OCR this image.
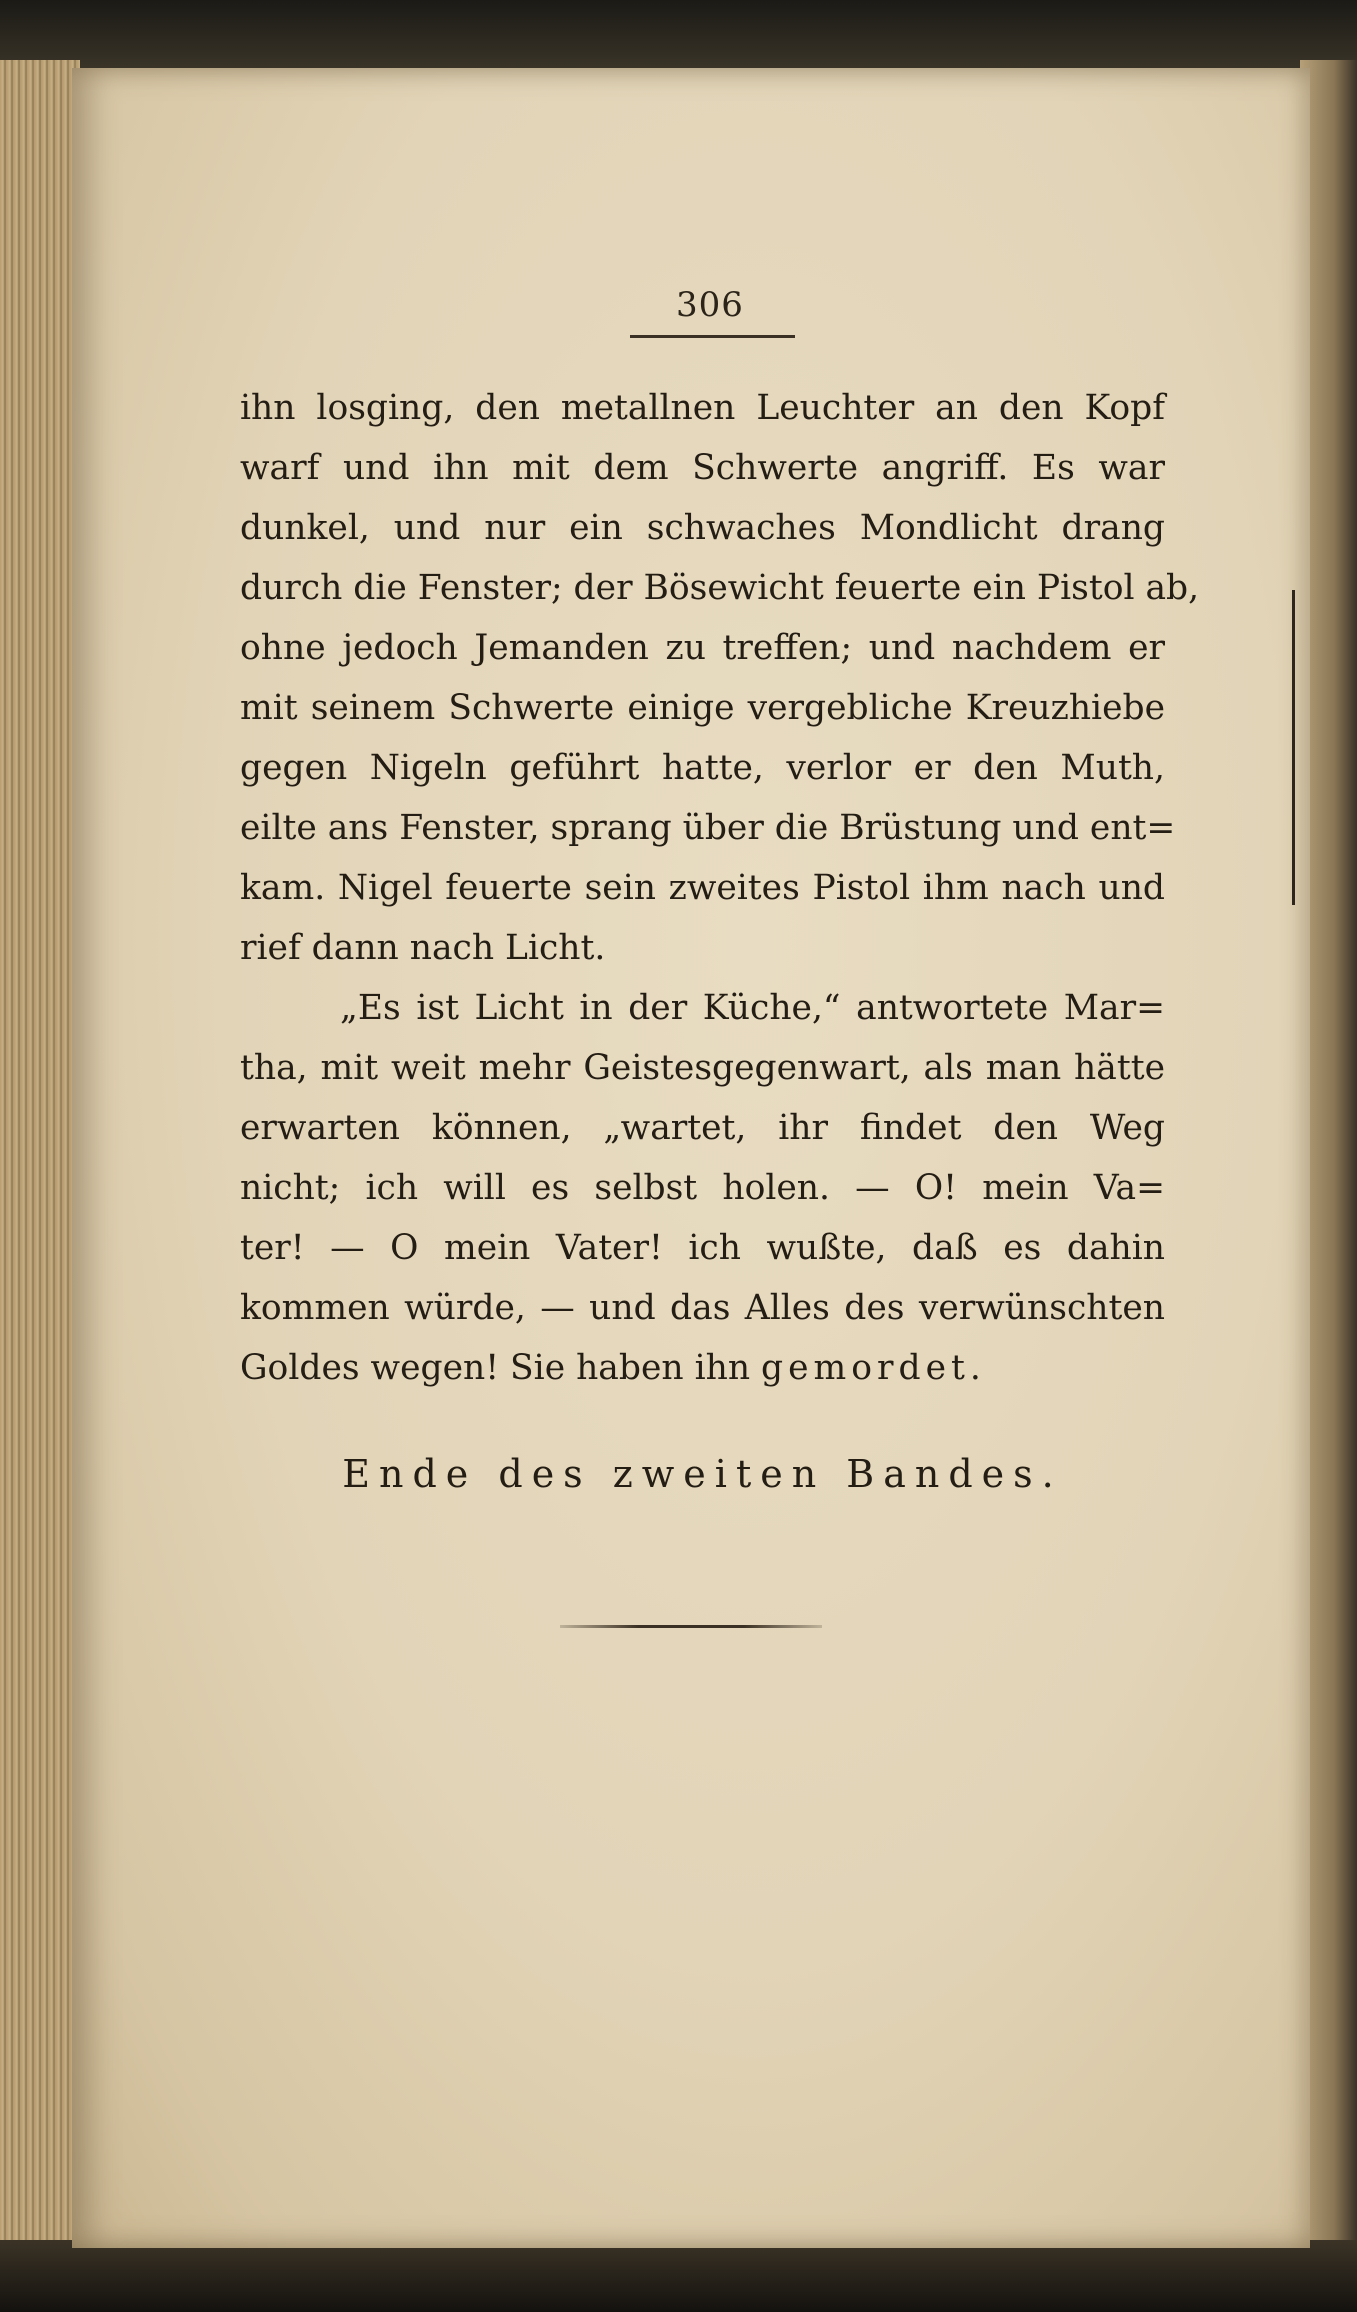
306
ihn losging, den metallnen Leuchter an den Kopf
warf und ihn mit dem Schwerte angriff. Es war
dunkel, und nur ein schwaches Mondlicht drang
durch die Fenster; der Bösewicht feuerte ein Pistol ab,
ohne jedoch Jemanden zu treffen; und nachdem er
mit seinem Schwerte einige vergebliche Kreuzhiebe
gegen Nigeln geführt hatte, verlor er den Muth,
eilte ans Fenster, sprang über die Brüstung und ent=
kam. Nigel feuerte sein zweites Pistol ihm nach und
rief dann nach Licht.
„Es ist Licht in der Küche,“ antwortete Mar=
tha, mit weit mehr Geistesgegenwart, als man hätte
erwarten können, „wartet, ihr findet den Weg
nicht; ich will es selbst holen. — O! mein Va=
ter! — O mein Vater! ich wußte, daß es dahin
kommen würde, — und das Alles des verwünschten
Goldes wegen! Sie haben ihn gemordet.
Ende des zweiten Bandes.
